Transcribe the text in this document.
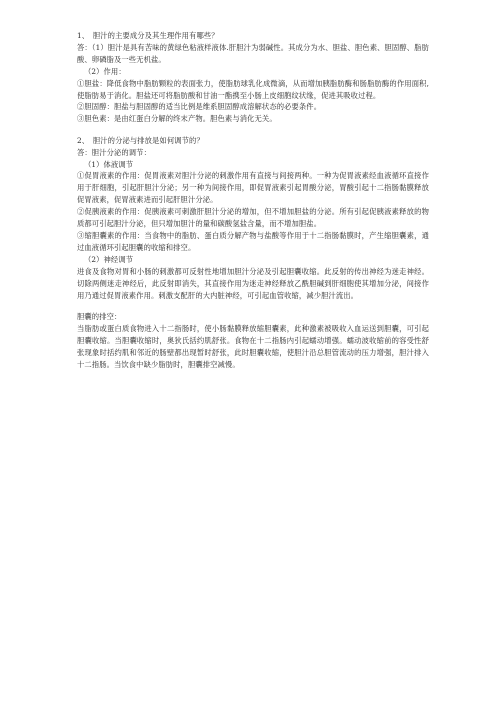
1、　胆汁的主要成分及其生理作用有哪些？

答：（1）胆汁是具有苦味的黄绿色粘液样液体.肝胆汁为弱碱性。其成分为水、胆盐、胆色素、胆固醇、脂肪酸、卵磷脂及一些无机盐。

（2）作用：

①胆盐：降低食物中脂肪颗粒的表面张力，使脂肪球乳化成微滴，从而增加胰脂肪酶和肠脂肪酶的作用面积,使脂肪易于消化。胆盐还可将脂肪酸和甘油一酯携至小肠上皮细胞纹状缘，促进其吸收过程。

②胆固醇：胆盐与胆固醇的适当比例是维系胆固醇成溶解状态的必要条件。

③胆色素：是由红蛋白分解的终末产物。胆色素与消化无关。

2、　胆汁的分泌与排放是如何调节的？

答：胆汁分泌的调节：

（1）体液调节

①促胃液素的作用：促胃液素对胆汁分泌的刺激作用有直接与间接两种。一种为促胃液素经血液循环直接作用于肝细胞，引起肝胆汁分泌；另一种为间接作用，即促胃液素引起胃酸分泌，胃酸引起十二指肠黏膜释放促胃液素，促胃液素进而引起肝胆汁分泌。

②促胰液素的作用：促胰液素可刺激肝胆汁分泌的增加，但不增加胆盐的分泌。所有引起促胰液素释放的物质都可引起胆汁分泌，但只增加胆汁的量和碳酸氢盐含量，而不增加胆盐。

③缩胆囊素的作用：当食物中的脂肪、蛋白质分解产物与盐酸等作用于十二指肠黏膜时，产生缩胆囊素，通过血液循环引起胆囊的收缩和排空。

（2）神经调节

进食及食物对胃和小肠的刺激都可反射性地增加胆汁分泌及引起胆囊收缩。此反射的传出神经为迷走神经。切除两侧迷走神经后，此反射即消失，其直接作用为迷走神经释放乙酰胆碱到肝细胞使其增加分泌，间接作用乃通过促胃液素作用。刺激支配肝的大内脏神经，可引起血管收缩，减少胆汁流出。

胆囊的排空：

当脂肪或蛋白质食物进入十二指肠时，使小肠黏膜释放缩胆囊素，此种激素被吸收入血运送到胆囊，可引起胆囊收缩。当胆囊收缩时，奥狄氏括约肌舒张。食物在十二指肠内引起蠕动增强。蠕动波收缩前的容受性舒张现象时括约肌和邻近的肠壁都出现暂时舒张，此时胆囊收缩，使胆汁沿总胆管流动的压力增强，胆汁排入十二指肠。当饮食中缺少脂肪时，胆囊排空减慢。
